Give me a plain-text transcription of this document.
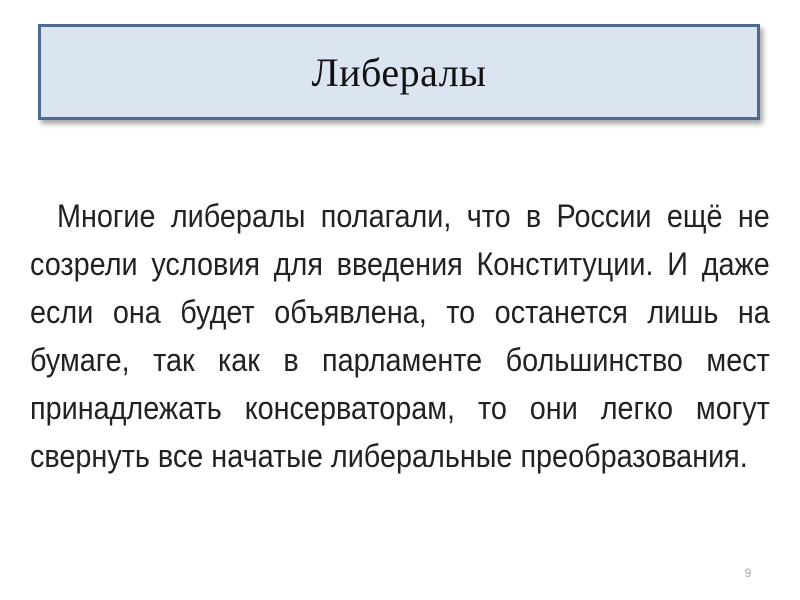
Либералы

Многие либералы полагали, что в России ещё не созрели условия для введения Конституции. И даже если она будет объявлена, то останется лишь на бумаге, так как в парламенте большинство мест принадлежать консерваторам, то они легко могут свернуть все начатые либеральные преобразования.

9
